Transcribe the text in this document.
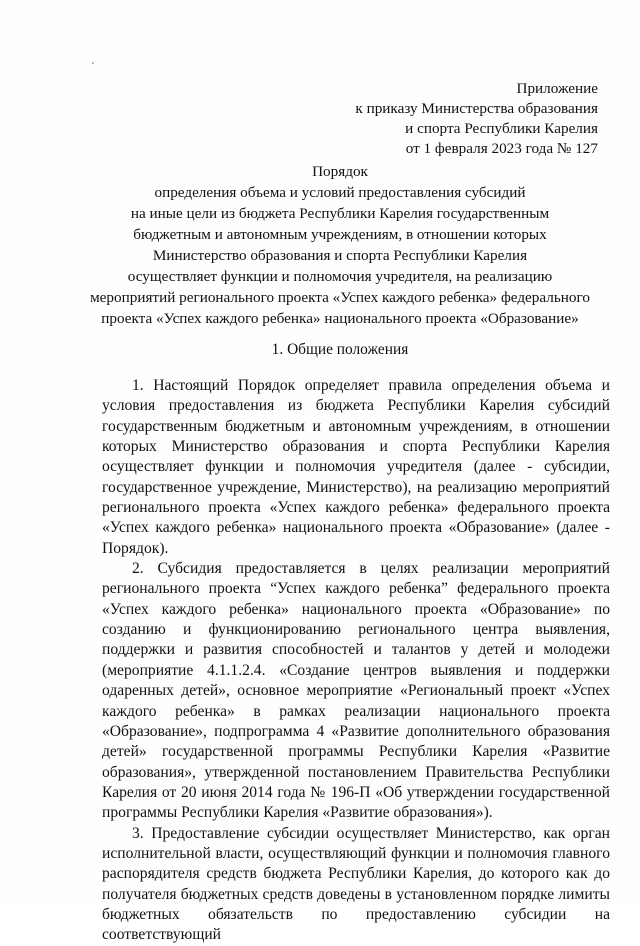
Приложение
к приказу Министерства образования
и спорта Республики Карелия
от 1 февраля 2023 года № 127
Порядок
определения объема и условий предоставления субсидий
на иные цели из бюджета Республики Карелия государственным
бюджетным и автономным учреждениям, в отношении которых
Министерство образования и спорта Республики Карелия
осуществляет функции и полномочия учредителя, на реализацию
мероприятий регионального проекта «Успех каждого ребенка» федерального
проекта «Успех каждого ребенка» национального проекта «Образование»
1. Общие положения

1. Настоящий Порядок определяет правила определения объема и условия предоставления из бюджета Республики Карелия субсидий государственным бюджетным и автономным учреждениям, в отношении которых Министерство образования и спорта Республики Карелия осуществляет функции и полномочия учредителя (далее - субсидии, государственное учреждение, Министерство), на реализацию мероприятий регионального проекта «Успех каждого ребенка» федерального проекта «Успех каждого ребенка» национального проекта «Образование» (далее - Порядок).

2. Субсидия предоставляется в целях реализации мероприятий регионального проекта “Успех каждого ребенка” федерального проекта «Успех каждого ребенка» национального проекта «Образование» по созданию и функционированию регионального центра выявления, поддержки и развития способностей и талантов у детей и молодежи (мероприятие 4.1.1.2.4. «Создание центров выявления и поддержки одаренных детей», основное мероприятие «Региональный проект «Успех каждого ребенка» в рамках реализации национального проекта «Образование», подпрограмма 4 «Развитие дополнительного образования детей» государственной программы Республики Карелия «Развитие образования», утвержденной постановлением Правительства Республики Карелия от 20 июня 2014 года № 196-П «Об утверждении государственной программы Республики Карелия «Развитие образования»).

3. Предоставление субсидии осуществляет Министерство, как орган исполнительной власти, осуществляющий функции и полномочия главного распорядителя средств бюджета Республики Карелия, до которого как до получателя бюджетных средств доведены в установленном порядке лимиты бюджетных обязательств по предоставлению субсидии на соответствующий
